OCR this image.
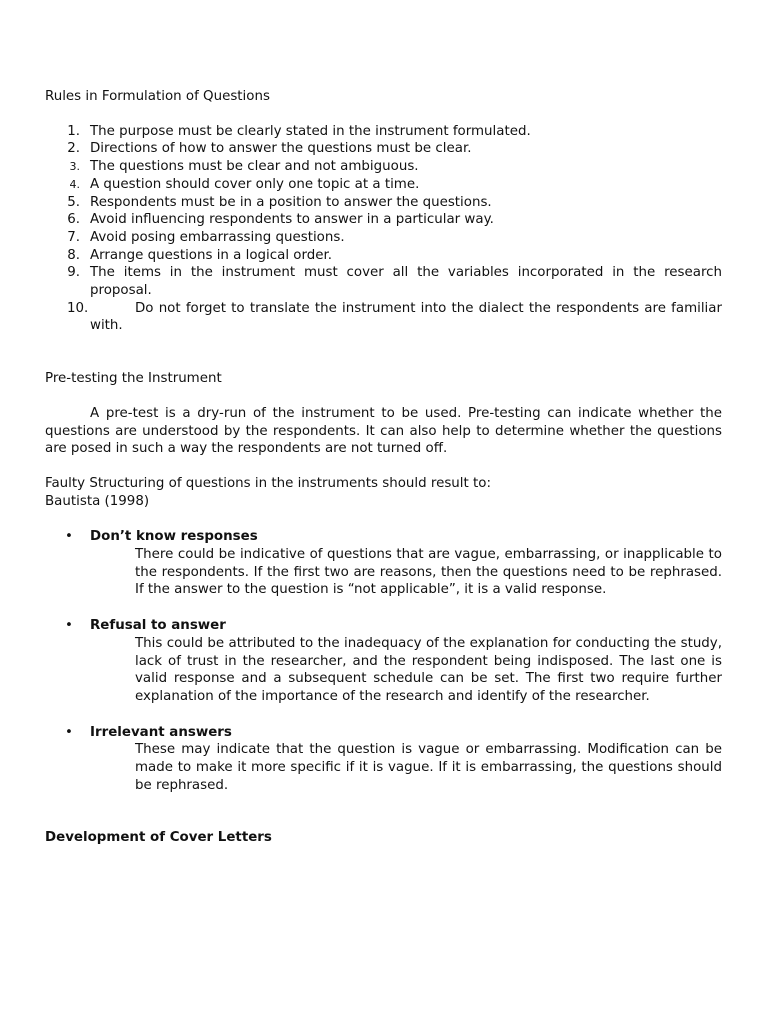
Rules in Formulation of Questions
1. The purpose must be clearly stated in the instrument formulated.
2. Directions of how to answer the questions must be clear.
3. The questions must be clear and not ambiguous.
4. A question should cover only one topic at a time.
5. Respondents must be in a position to answer the questions.
6. Avoid influencing respondents to answer in a particular way.
7. Avoid posing embarrassing questions.
8. Arrange questions in a logical order.
9. The items in the instrument must cover all the variables incorporated in the research proposal.
10.	Do not forget to translate the instrument into the dialect the respondents are familiar with.
Pre-testing the Instrument

A pre-test is a dry-run of the instrument to be used. Pre-testing can indicate whether the questions are understood by the respondents. It can also help to determine whether the questions are posed in such a way the respondents are not turned off.

Faulty Structuring of questions in the instruments should result to:

Bautista (1998)

• Don’t know responses
There could be indicative of questions that are vague, embarrassing, or inapplicable to the respondents. If the first two are reasons, then the questions need to be rephrased. If the answer to the question is “not applicable”, it is a valid response.
• Refusal to answer
This could be attributed to the inadequacy of the explanation for conducting the study, lack of trust in the researcher, and the respondent being indisposed. The last one is valid response and a subsequent schedule can be set. The first two require further explanation of the importance of the research and identify of the researcher.
• Irrelevant answers
These may indicate that the question is vague or embarrassing. Modification can be made to make it more specific if it is vague. If it is embarrassing, the questions should be rephrased.
Development of Cover Letters
